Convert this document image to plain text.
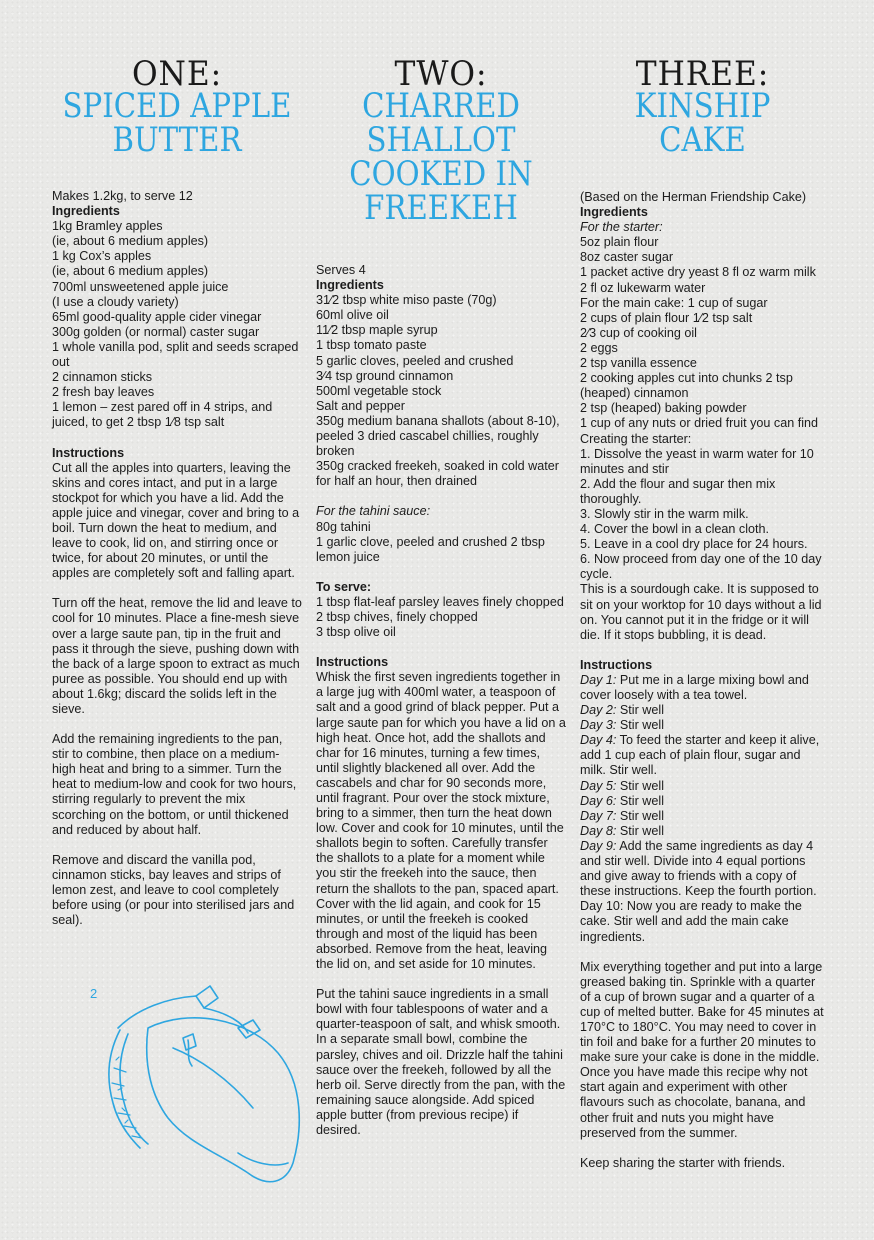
ONE:
SPICED APPLE BUTTER

Makes 1.2kg, to serve 12

Ingredients

1kg Bramley apples

(ie, about 6 medium apples)

1 kg Cox’s apples

(ie, about 6 medium apples)

700ml unsweetened apple juice

(I use a cloudy variety)

65ml good-quality apple cider vinegar

300g golden (or normal) caster sugar

1 whole vanilla pod, split and seeds scraped out

2 cinnamon sticks

2 fresh bay leaves

1 lemon – zest pared off in 4 strips, and juiced, to get 2 tbsp 1⁄8 tsp salt

Instructions

Cut all the apples into quarters, leaving the skins and cores intact, and put in a large stockpot for which you have a lid. Add the apple juice and vinegar, cover and bring to a boil. Turn down the heat to medium, and leave to cook, lid on, and stirring once or twice, for about 20 minutes, or until the apples are completely soft and falling apart.

Turn off the heat, remove the lid and leave to cool for 10 minutes. Place a fine-mesh sieve over a large saute pan, tip in the fruit and pass it through the sieve, pushing down with the back of a large spoon to extract as much puree as possible. You should end up with about 1.6kg; discard the solids left in the sieve.

Add the remaining ingredients to the pan, stir to combine, then place on a medium-high heat and bring to a simmer. Turn the heat to medium-low and cook for two hours, stirring regularly to prevent the mix scorching on the bottom, or until thickened and reduced by about half.

Remove and discard the vanilla pod, cinnamon sticks, bay leaves and strips of lemon zest, and leave to cool completely before using (or pour into sterilised jars and seal).

TWO:
CHARRED SHALLOT COOKED IN FREEKEH

Serves 4

Ingredients

31⁄2 tbsp white miso paste (70g)

60ml olive oil

11⁄2 tbsp maple syrup

1 tbsp tomato paste

5 garlic cloves, peeled and crushed

3⁄4 tsp ground cinnamon

500ml vegetable stock

Salt and pepper

350g medium banana shallots (about 8-10),

peeled 3 dried cascabel chillies, roughly broken

350g cracked freekeh, soaked in cold water for half an hour, then drained

For the tahini sauce:

80g tahini

1 garlic clove, peeled and crushed 2 tbsp lemon juice

To serve:

1 tbsp flat-leaf parsley leaves finely chopped 2 tbsp chives, finely chopped

3 tbsp olive oil

Instructions

Whisk the first seven ingredients together in a large jug with 400ml water, a teaspoon of salt and a good grind of black pepper. Put a large saute pan for which you have a lid on a high heat. Once hot, add the shallots and char for 16 minutes, turning a few times, until slightly blackened all over. Add the cascabels and char for 90 seconds more, until fragrant. Pour over the stock mixture, bring to a simmer, then turn the heat down low. Cover and cook for 10 minutes, until the shallots begin to soften. Carefully transfer the shallots to a plate for a moment while you stir the freekeh into the sauce, then return the shallots to the pan, spaced apart. Cover with the lid again, and cook for 15 minutes, or until the freekeh is cooked through and most of the liquid has been absorbed. Remove from the heat, leaving the lid on, and set aside for 10 minutes.

Put the tahini sauce ingredients in a small bowl with four tablespoons of water and a quarter-teaspoon of salt, and whisk smooth. In a separate small bowl, combine the parsley, chives and oil. Drizzle half the tahini sauce over the freekeh, followed by all the herb oil. Serve directly from the pan, with the remaining sauce alongside. Add spiced apple butter (from previous recipe) if desired.

THREE:
KINSHIP CAKE

(Based on the Herman Friendship Cake)

Ingredients

For the starter:

5oz plain flour

8oz caster sugar

1 packet active dry yeast 8 fl oz warm milk

2 fl oz lukewarm water

For the main cake: 1 cup of sugar

2 cups of plain flour 1⁄2 tsp salt

2⁄3 cup of cooking oil

2 eggs

2 tsp vanilla essence

2 cooking apples cut into chunks 2 tsp (heaped) cinnamon

2 tsp (heaped) baking powder

1 cup of any nuts or dried fruit you can find

Creating the starter:

1. Dissolve the yeast in warm water for 10 minutes and stir

2. Add the flour and sugar then mix thoroughly.

3. Slowly stir in the warm milk.

4. Cover the bowl in a clean cloth.

5. Leave in a cool dry place for 24 hours.

6. Now proceed from day one of the 10 day cycle.

This is a sourdough cake. It is supposed to sit on your worktop for 10 days without a lid on. You cannot put it in the fridge or it will die. If it stops bubbling, it is dead.

Instructions

Day 1: Put me in a large mixing bowl and cover loosely with a tea towel.

Day 2: Stir well

Day 3: Stir well

Day 4: To feed the starter and keep it alive, add 1 cup each of plain flour, sugar and milk. Stir well.

Day 5: Stir well

Day 6: Stir well

Day 7: Stir well

Day 8: Stir well

Day 9: Add the same ingredients as day 4 and stir well. Divide into 4 equal portions and give away to friends with a copy of these instructions. Keep the fourth portion.

Day 10: Now you are ready to make the cake. Stir well and add the main cake ingredients.

Mix everything together and put into a large greased baking tin. Sprinkle with a quarter of a cup of brown sugar and a quarter of a cup of melted butter. Bake for 45 minutes at 170°C to 180°C. You may need to cover in tin foil and bake for a further 20 minutes to make sure your cake is done in the middle. Once you have made this recipe why not start again and experiment with other flavours such as chocolate, banana, and other fruit and nuts you might have preserved from the summer.

Keep sharing the starter with friends.

2
